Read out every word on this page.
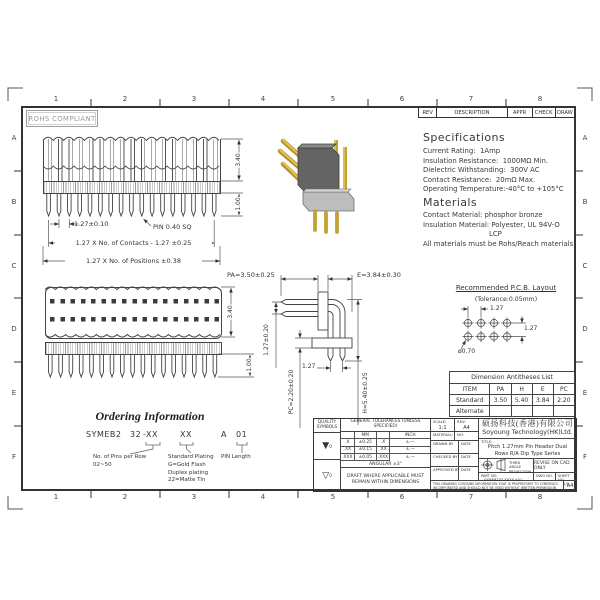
1	2	3	4	5	6	7	8
1	2	3	4	5	6	7	8
A
B
C
D
E
F
A
B
C
D
E
F
ROHS COMPLIANT
REV	DESCRIPTION	APPR	CHECK DRAW
Specifications
Current Rating:  1Amp
Insulation Resistance:  1000MΩ Min.
Dielectric Withstanding:  300V AC
Contact Resistance:  20mΩ Max.
Operating Temperature:-40°C to +105°C
Materials
Contact Material: phosphor bronze
Insulation Material: Polyester, UL 94V-O
LCP
All materials must be Rohs/Reach materials
3.40
1.00
1.27±0.10	PIN 0.40 SQ
1.27 X No. of Contacts - 1.27 ±0.25
1.27 X No. of Positions ±0.38
3.40
1.00
PA=3.50±0.25	E=3.84±0.30
1.27±0.20
PC=2.20±0.20	H=5.40±0.25
1.27
Recommended P.C.B. Layout
(Tolerance:0.05mm)
1.27
1.27
ø0.70
Dimension Antitheses List
ITEM	PA	H	E	PC
Standard	3.50	5.40	3.84	2.20
Alternate
Ordering Information
SYMEB2 32 -XX	XX	A 01
No. of Pins per Row
02~50
Standard Plating
G=Gold Flash
Duplex plating
22=Matte Tin
PIN Length
QUALITY SYMBOLS
▼ 0
▽ 0
GENERAL TOLERANCES (UNLESS SPECIFIED)
MM	INCH
.X	±0.25	.X	±.—
.XX	±0.15	.XX	±.—
.XXX	±0.05	.XXX	±.—
ANGULAR ±3°
DRAFT WHERE APPLICABLE MUST REMAIN WITHIN DIMENSIONS
SCALE:
1:1
REV:
A4
MATERIAL: NO:
DRAWN BY DATE
CHECKED BY DATE
APPROVED BY DATE
硕扬科技(香港)有限公司
Soyoung Technology(HK)Ltd.
TITLE:
Pitch 1.27mm Pin Header Dual
Rows R/A Dip Type Series
THIRD ANGLE PROJECTION
REVISE ON CAD ONLY
PART NO.
SYMEB232-XXXX-A01
DWG NO.	SHEET NO.
1/1
THIS DRAWING CONTAINS INFORMATION THAT IS PROPRIETARY TO CYBERNICS INCORPORATED AND SHOULD NOT BE USED WITHOUT WRITTEN PERMISSION	A4
